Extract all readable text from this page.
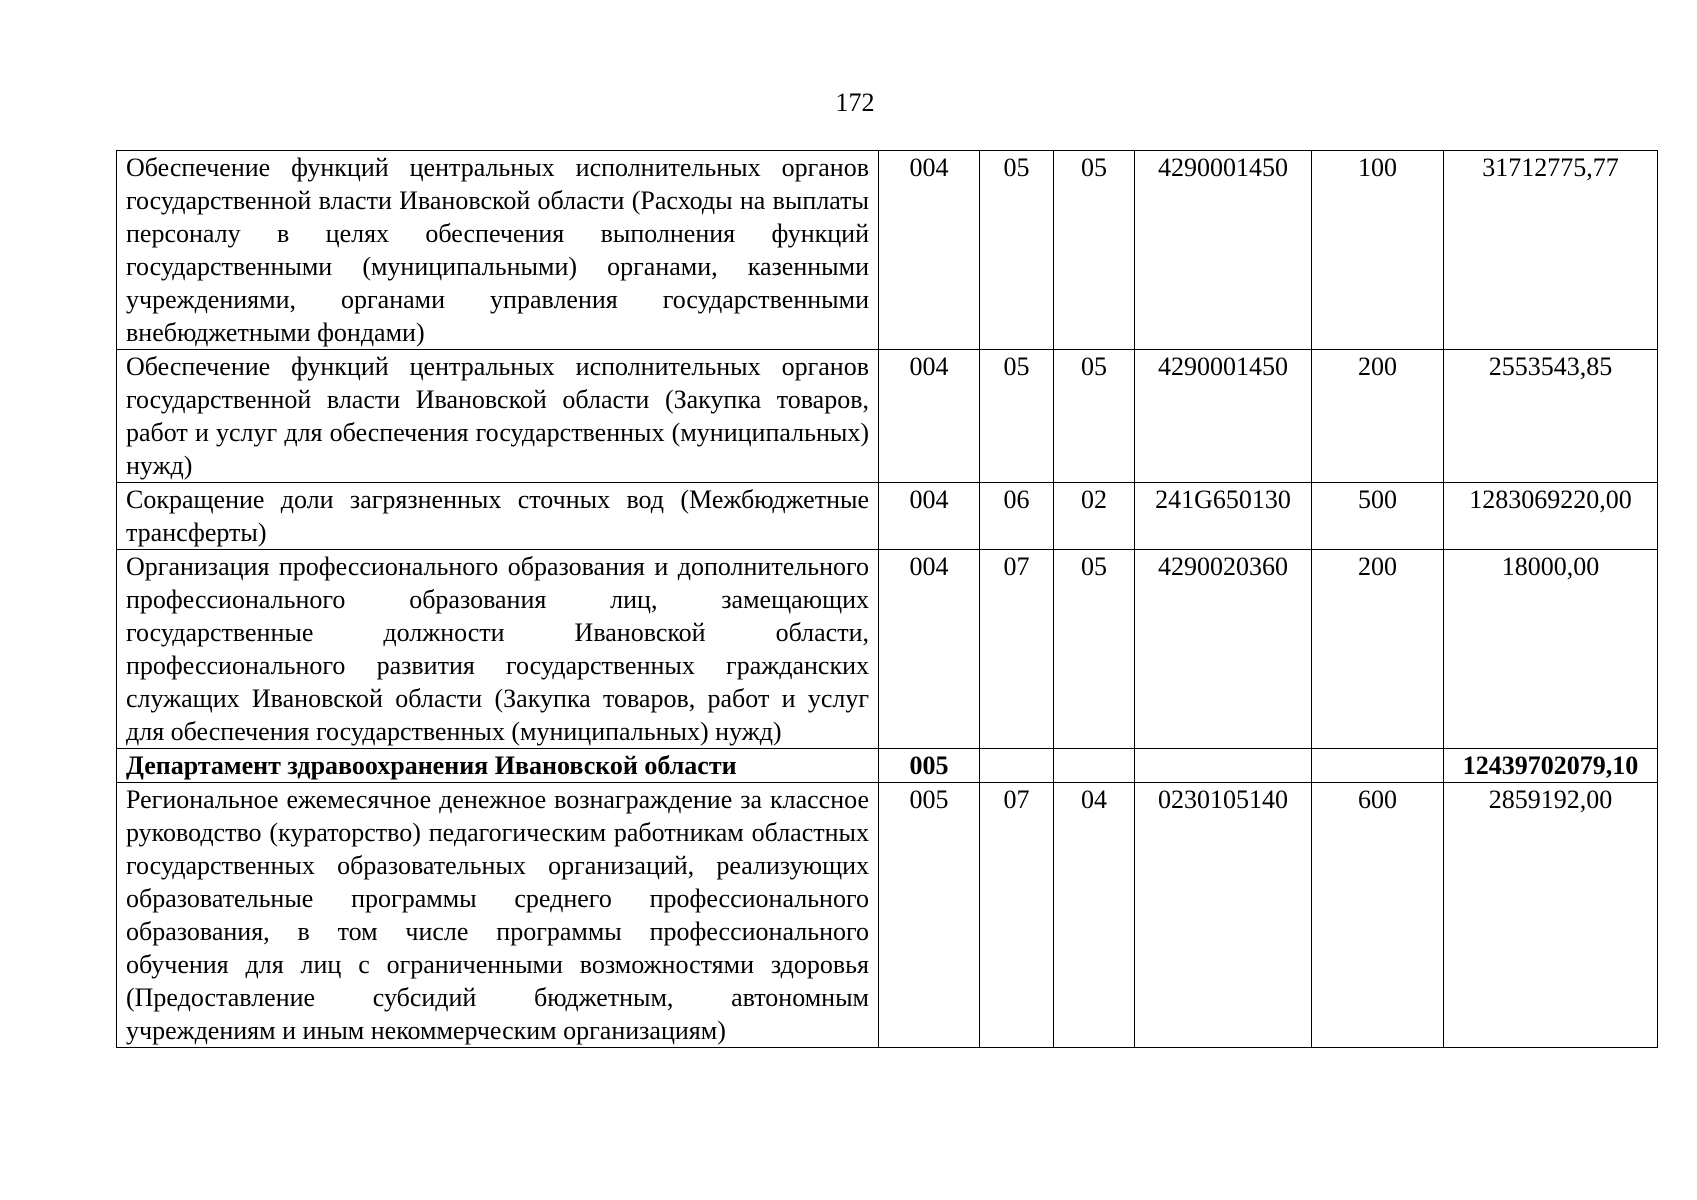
172
Обеспечение функций центральных исполнительных органов государственной власти Ивановской области (Расходы на выплаты персоналу в целях обеспечения выполнения функций государственными (муниципальными) органами, казенными учреждениями, органами управления государственными внебюджетными фондами)	004	05	05	4290001450	100	31712775,77
Обеспечение функций центральных исполнительных органов государственной власти Ивановской области (Закупка товаров, работ и услуг для обеспечения государственных (муниципальных) нужд)	004	05	05	4290001450	200	2553543,85
Сокращение доли загрязненных сточных вод (Межбюджетные трансферты)	004	06	02	241G650130	500	1283069220,00
Организация профессионального образования и дополнительного профессионального образования лиц, замещающих государственные должности Ивановской области, профессионального развития государственных гражданских служащих Ивановской области (Закупка товаров, работ и услуг для обеспечения государственных (муниципальных) нужд)	004	07	05	4290020360	200	18000,00
Департамент здравоохранения Ивановской области	005					12439702079,10
Региональное ежемесячное денежное вознаграждение за классное руководство (кураторство) педагогическим работникам областных государственных образовательных организаций, реализующих образовательные программы среднего профессионального образования, в том числе программы профессионального обучения для лиц с ограниченными возможностями здоровья (Предоставление субсидий бюджетным, автономным учреждениям и иным некоммерческим организациям)	005	07	04	0230105140	600	2859192,00
